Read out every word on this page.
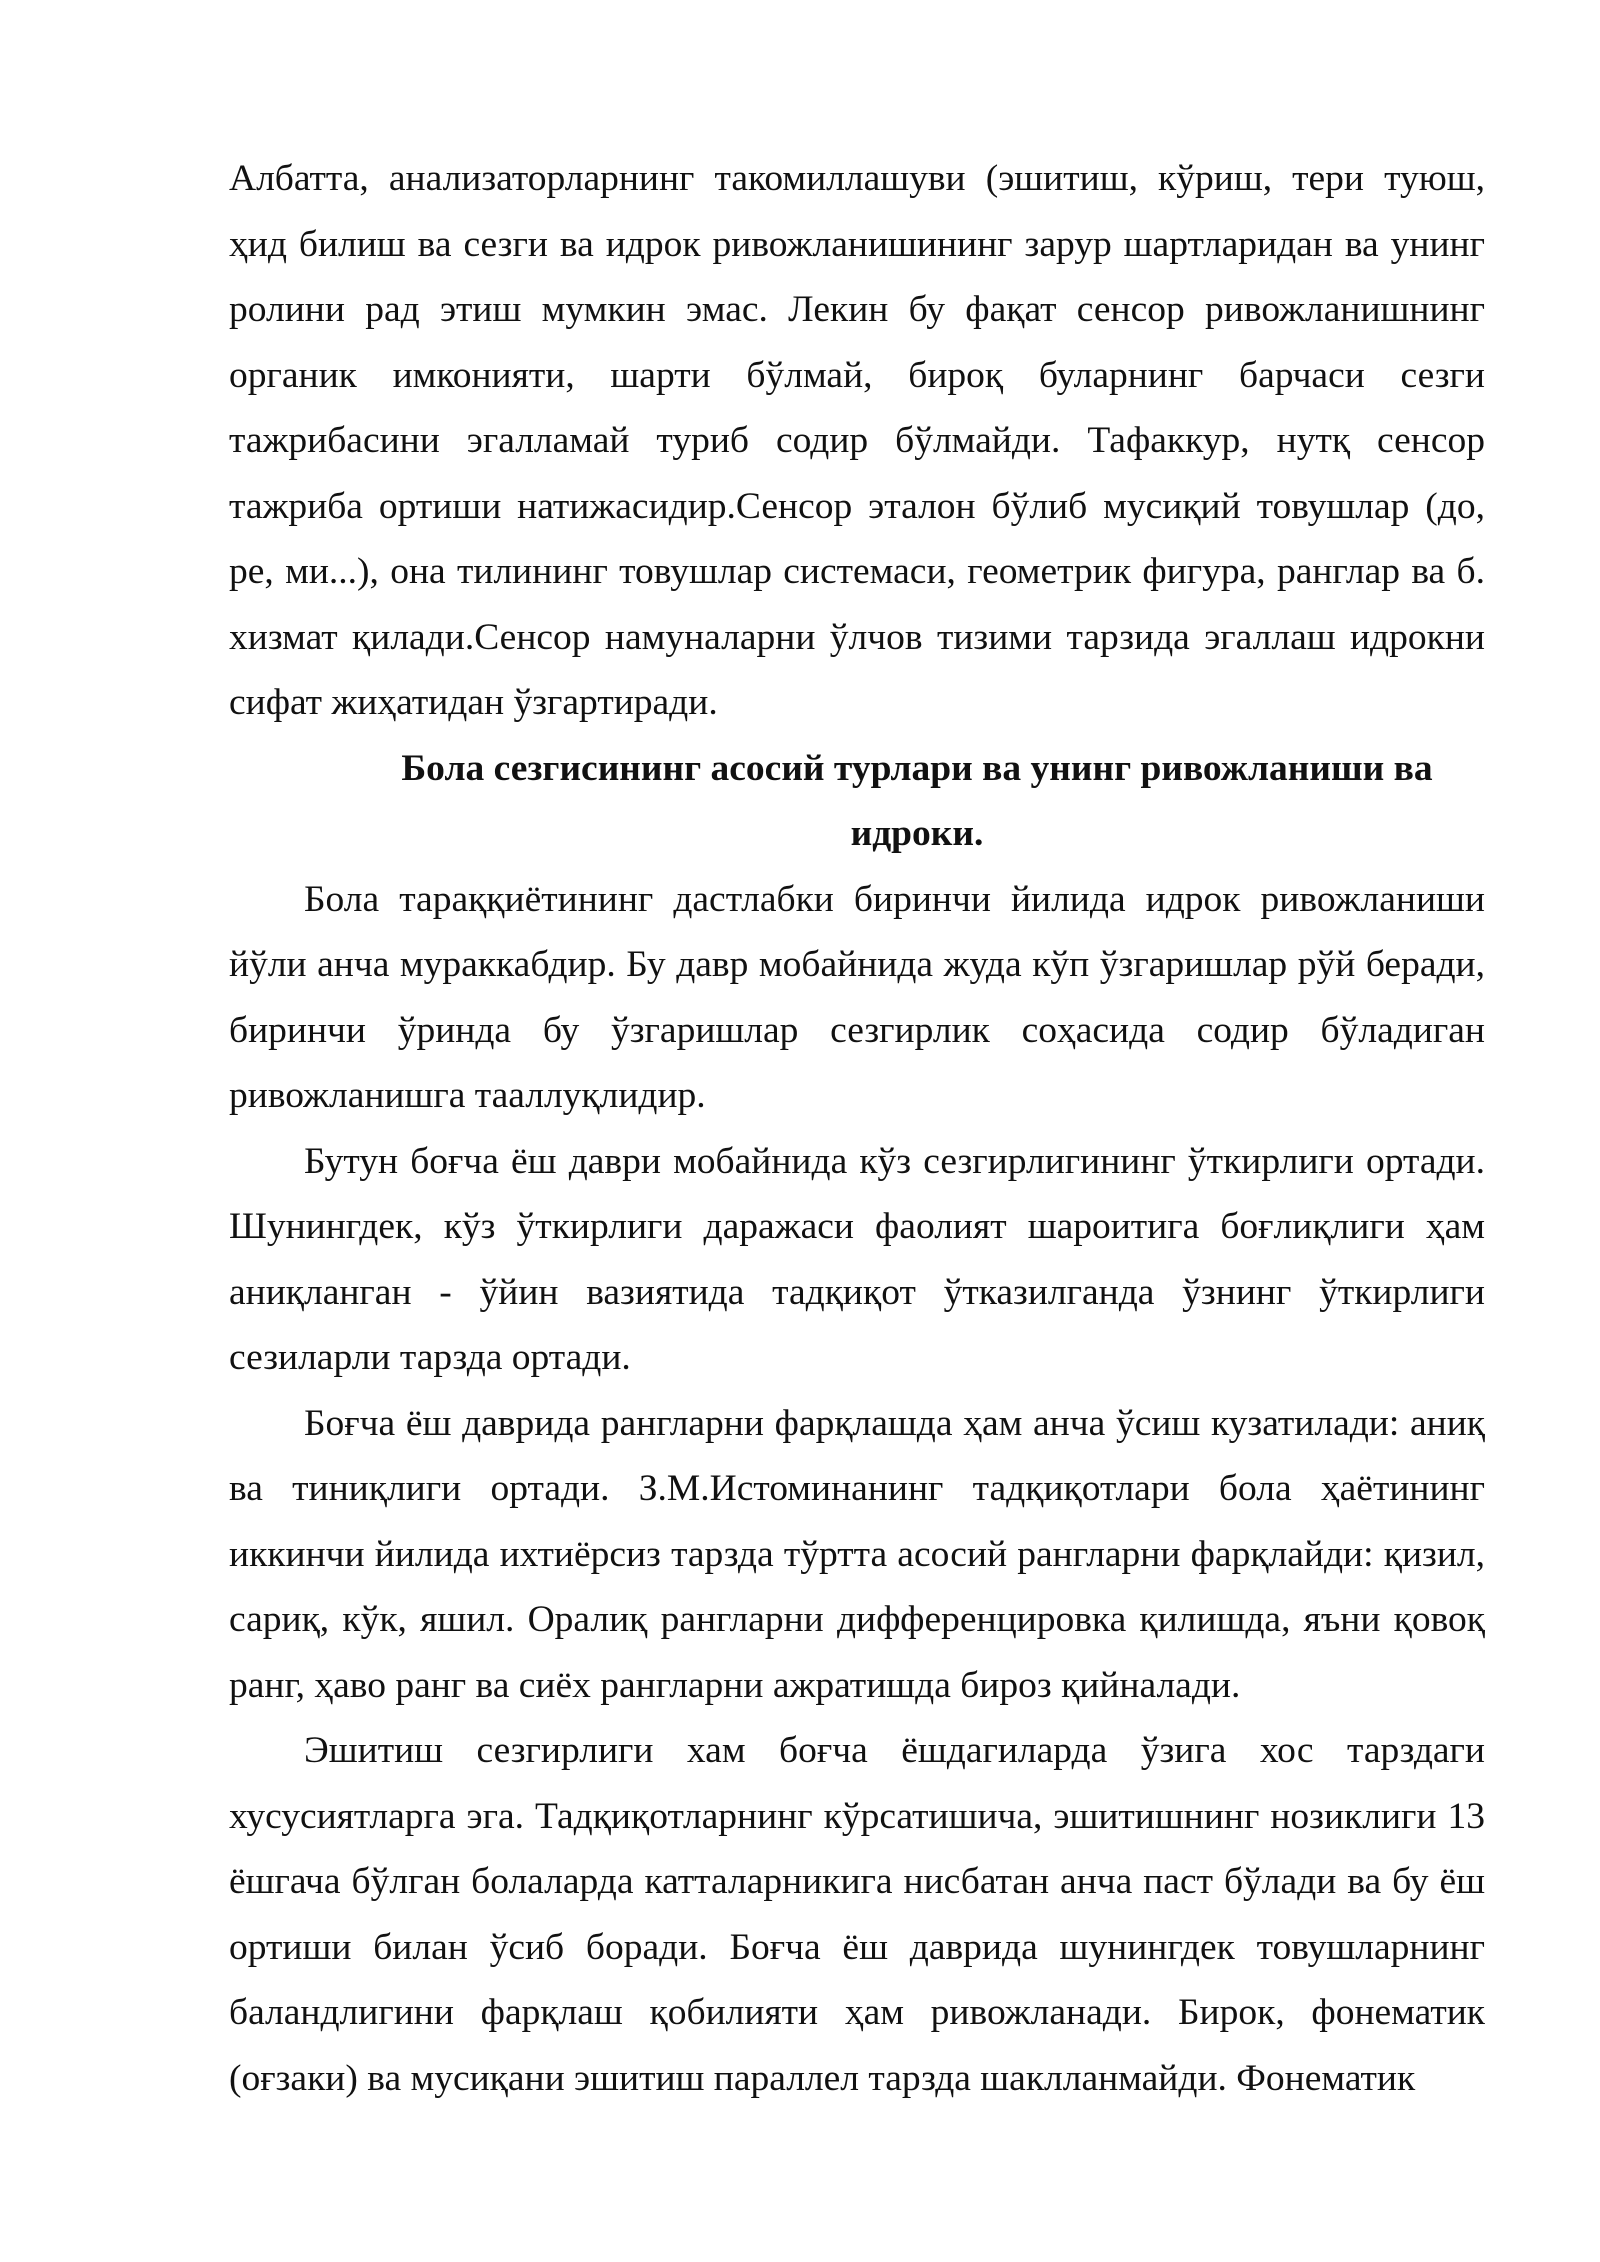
Албатта, анализаторларнинг такомиллашуви (эшитиш, кўриш, тери туюш, ҳид билиш ва сезги ва идрок ривожланишининг зарур шартларидан ва унинг ролини рад этиш мумкин эмас. Лекин бу фақат сенсор ривожланишнинг органик имконияти, шарти бўлмай, бироқ буларнинг барчаси сезги тажрибасини эгалламай туриб содир бўлмайди. Тафаккур, нутқ сенсор тажриба ортиши натижасидир.Сенсор эталон бўлиб мусиқий товушлар (до, ре, ми...), она тилининг товушлар системаси, геометрик фигура, ранглар ва б. хизмат қилади.Сенсор намуналарни ўлчов тизими тарзида эгаллаш идрокни сифат жиҳатидан ўзгартиради.

Бола сезгисининг асосий турлари ва унинг ривожланиши ва идроки.

Бола тараққиётининг дастлабки биринчи йилида идрок ривожланиши йўли анча мураккабдир. Бу давр мобайнида жуда кўп ўзгаришлар рўй беради, биринчи ўринда бу ўзгаришлар сезгирлик соҳасида содир бўладиган ривожланишга тааллуқлидир.

Бутун боғча ёш даври мобайнида кўз сезгирлигининг ўткирлиги ортади. Шунингдек, кўз ўткирлиги даражаси фаолият шароитига боғлиқлиги ҳам аниқланган - ўйин вазиятида тадқиқот ўтказилганда ўзнинг ўткирлиги сезиларли тарзда ортади.

Боғча ёш даврида рангларни фарқлашда ҳам анча ўсиш кузатилади: аниқ ва тиниқлиги ортади. З.М.Истоминанинг тадқиқотлари бола ҳаётининг иккинчи йилида ихтиёрсиз тарзда тўртта асосий рангларни фарқлайди: қизил, сариқ, кўк, яшил. Оралиқ рангларни дифференцировка қилишда, яъни қовоқ ранг, ҳаво ранг ва сиёх рангларни ажратишда бироз қийналади.

Эшитиш сезгирлиги хам боғча ёшдагиларда ўзига хос тарздаги хусусиятларга эга. Тадқиқотларнинг кўрсатишича, эшитишнинг нозиклиги 13 ёшгача бўлган болаларда катталарникига нисбатан анча паст бўлади ва бу ёш ортиши билан ўсиб боради. Боғча ёш даврида шунингдек товушларнинг баландлигини фарқлаш қобилияти ҳам ривожланади. Бирок, фонематик (оғзаки) ва мусиқани эшитиш параллел тарзда шаклланмайди. Фонематик
